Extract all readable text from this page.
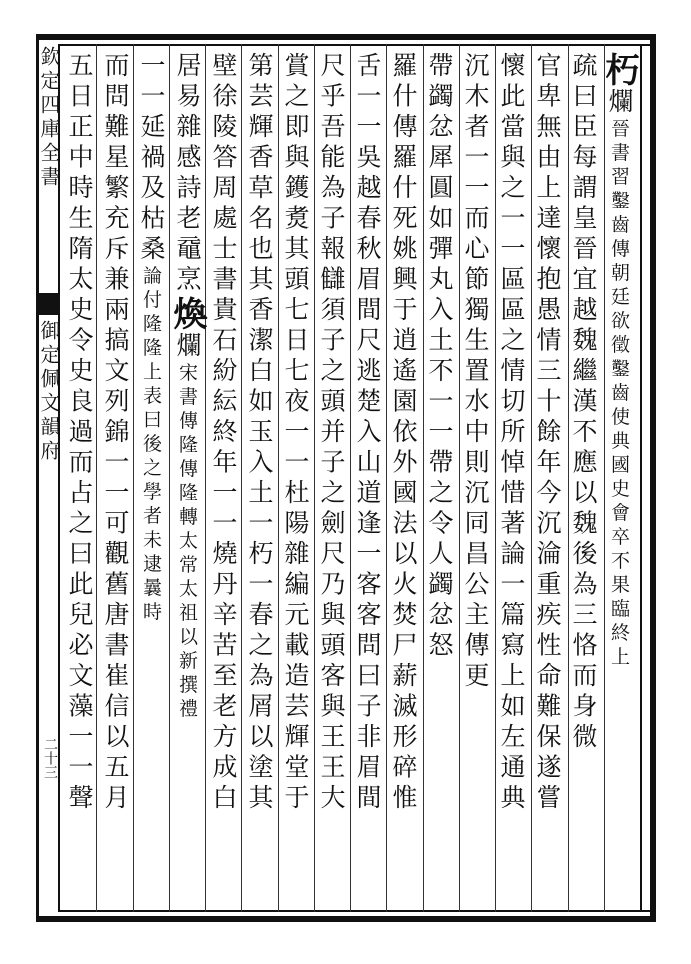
欽定四庫全書
御定佩文韻府
二十三
朽爛晉書習鑿齒傳朝廷欲徵鑿齒使典國史會卒不果臨終上
疏曰臣每謂皇晉宜越魏繼漢不應以魏後為三恪而身微
官卑無由上達懷抱愚情三十餘年今沉淪重疾性命難保遂嘗
懷此當與之一一區區之情切所悼惜著論一篇寫上如左通典
沉木者一一而心節獨生置水中則沉同昌公主傳更
帶蠲忿犀圓如彈丸入土不一一帶之令人蠲忿怒
羅什傳羅什死姚興于逍遙園依外國法以火焚尸薪滅形碎惟
舌一一吳越春秋眉間尺逃楚入山道逢一客客問曰子非眉間
尺乎吾能為子報讎須子之頭并子之劍尺乃與頭客與王王大
賞之即與鑊煑其頭七日七夜一一杜陽雜編元載造芸輝堂于
第芸輝香草名也其香潔白如玉入土一朽一春之為屑以塗其
壁徐陵答周處士書貴石紛紜終年一一燒丹辛苦至老方成白
居易雜感詩老黿烹煥爛宋書傳隆傳隆轉太常太祖以新撰禮
一一延禍及枯桑論付隆隆上表曰後之學者未逮曩時
而問難星繁充斥兼兩搞文列錦一一可觀舊唐書崔信以五月
五日正中時生隋太史令史良過而占之曰此兒必文藻一一聲
